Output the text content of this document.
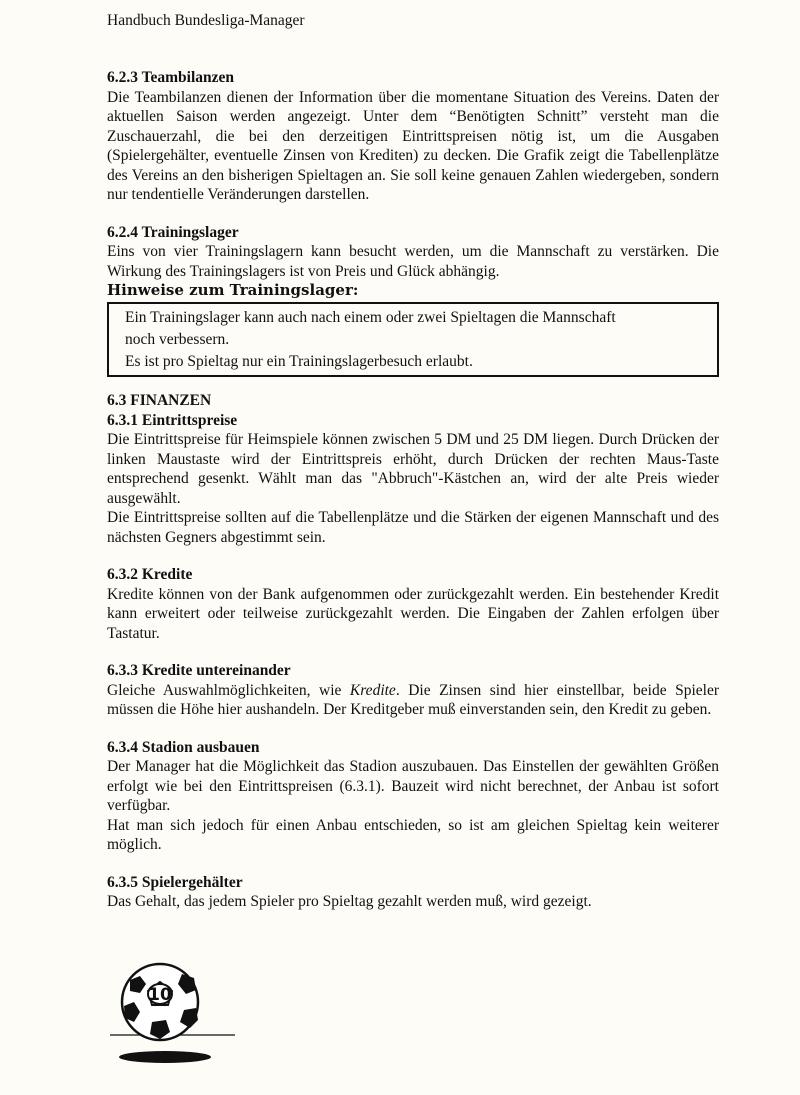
Handbuch Bundesliga-Manager
6.2.3 Teambilanzen

Die Teambilanzen dienen der Information über die momentane Situation des Vereins. Daten der aktuellen Saison werden angezeigt. Unter dem “Benötigten Schnitt” versteht man die Zuschauerzahl, die bei den derzeitigen Eintrittspreisen nötig ist, um die Ausgaben (Spielergehälter, eventuelle Zinsen von Krediten) zu decken. Die Grafik zeigt die Tabellenplätze des Vereins an den bisherigen Spieltagen an. Sie soll keine genauen Zahlen wiedergeben, sondern nur tendentielle Veränderungen darstellen.

6.2.4 Trainingslager

Eins von vier Trainingslagern kann besucht werden, um die Mannschaft zu verstärken. Die Wirkung des Trainingslagers ist von Preis und Glück abhängig.

Hinweise zum Trainingslager:
Ein Trainingslager kann auch nach einem oder zwei Spieltagen die Mannschaft
noch verbessern.
Es ist pro Spieltag nur ein Trainingslagerbesuch erlaubt.
6.3 FINANZEN
6.3.1 Eintrittspreise

Die Eintrittspreise für Heimspiele können zwischen 5 DM und 25 DM liegen. Durch Drücken der linken Maustaste wird der Eintrittspreis erhöht, durch Drücken der rechten Maus-Taste entsprechend gesenkt. Wählt man das "Abbruch"-Kästchen an, wird der alte Preis wieder ausgewählt.

Die Eintrittspreise sollten auf die Tabellenplätze und die Stärken der eigenen Mannschaft und des nächsten Gegners abgestimmt sein.

6.3.2 Kredite

Kredite können von der Bank aufgenommen oder zurückgezahlt werden. Ein bestehender Kredit kann erweitert oder teilweise zurückgezahlt werden. Die Eingaben der Zahlen erfolgen über Tastatur.

6.3.3 Kredite untereinander

Gleiche Auswahlmöglichkeiten, wie Kredite. Die Zinsen sind hier einstellbar, beide Spieler müssen die Höhe hier aushandeln. Der Kreditgeber muß einverstanden sein, den Kredit zu geben.

6.3.4 Stadion ausbauen

Der Manager hat die Möglichkeit das Stadion auszubauen. Das Einstellen der gewählten Größen erfolgt wie bei den Eintrittspreisen (6.3.1). Bauzeit wird nicht berechnet, der Anbau ist sofort verfügbar.

Hat man sich jedoch für einen Anbau entschieden, so ist am gleichen Spieltag kein weiterer möglich.

6.3.5 Spielergehälter

Das Gehalt, das jedem Spieler pro Spieltag gezahlt werden muß, wird gezeigt.

10
